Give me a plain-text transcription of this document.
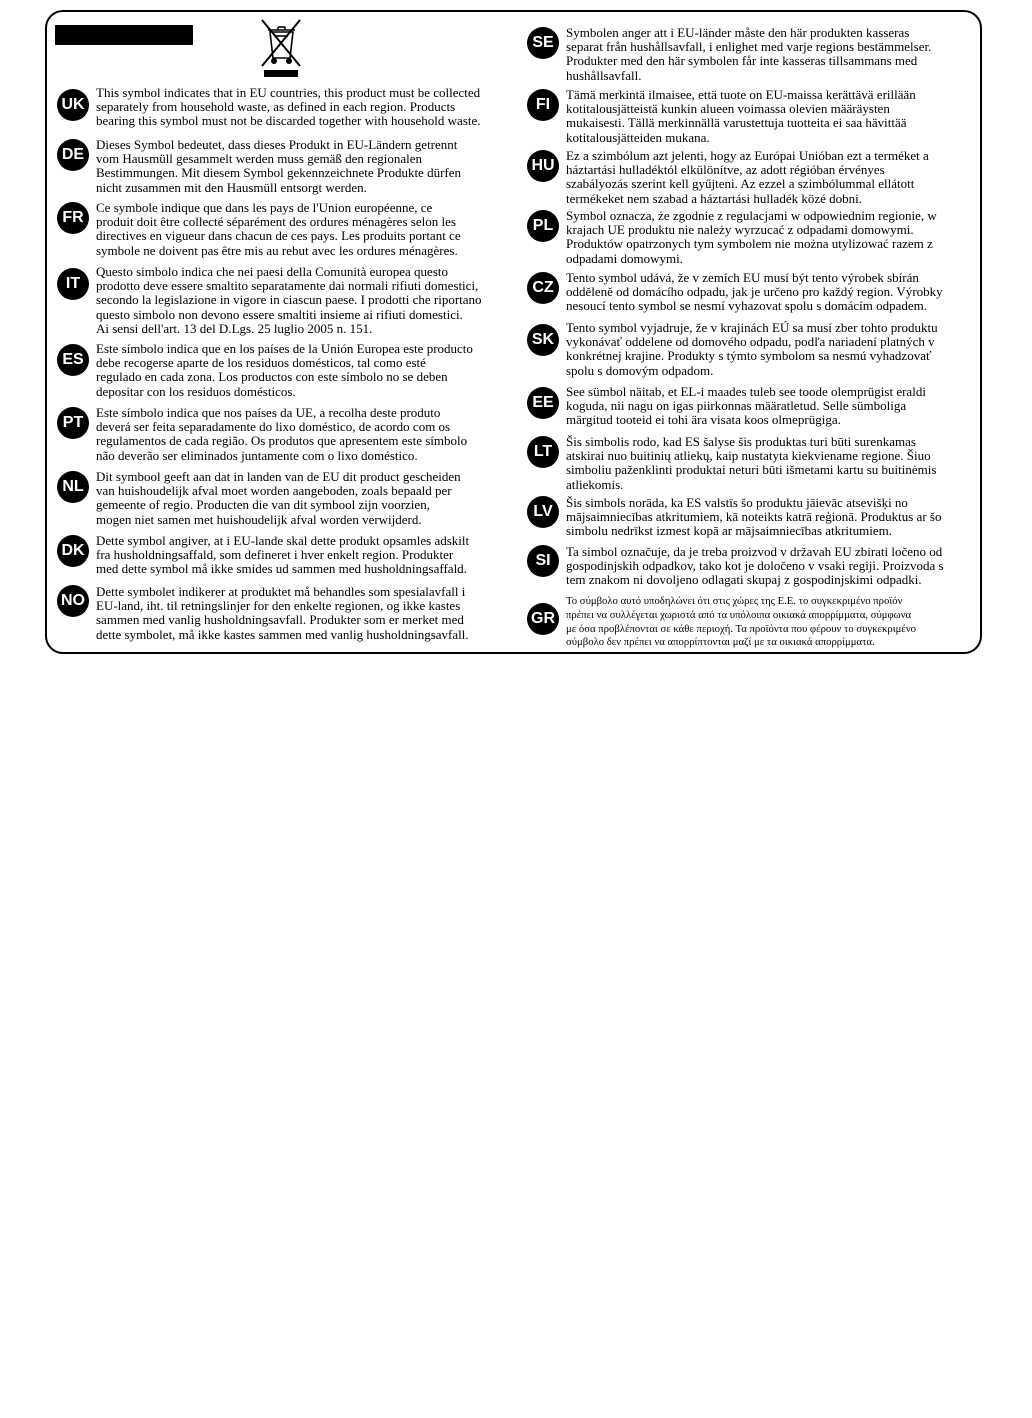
UK
This symbol indicates that in EU countries, this product must be collected
separately from household waste, as defined in each region. Products
bearing this symbol must not be discarded together with household waste.
DE
Dieses Symbol bedeutet, dass dieses Produkt in EU-Ländern getrennt
vom Hausmüll gesammelt werden muss gemäß den regionalen
Bestimmungen. Mit diesem Symbol gekennzeichnete Produkte dürfen
nicht zusammen mit den Hausmüll entsorgt werden.
FR
Ce symbole indique que dans les pays de l'Union européenne, ce
produit doit être collecté séparément des ordures ménagères selon les
directives en vigueur dans chacun de ces pays. Les produits portant ce
symbole ne doivent pas être mis au rebut avec les ordures ménagères.
IT
Questo simbolo indica che nei paesi della Comunità europea questo
prodotto deve essere smaltito separatamente dai normali rifiuti domestici,
secondo la legislazione in vigore in ciascun paese. I prodotti che riportano
questo simbolo non devono essere smaltiti insieme ai rifiuti domestici.
Ai sensi dell'art. 13 del D.Lgs. 25 luglio 2005 n. 151.
ES
Este símbolo indica que en los países de la Unión Europea este producto
debe recogerse aparte de los residuos domésticos, tal como esté
regulado en cada zona. Los productos con este símbolo no se deben
depositar con los residuos domésticos.
PT
Este símbolo indica que nos países da UE, a recolha deste produto
deverá ser feita separadamente do lixo doméstico, de acordo com os
regulamentos de cada região. Os produtos que apresentem este símbolo
não deverão ser eliminados juntamente com o lixo doméstico.
NL
Dit symbool geeft aan dat in landen van de EU dit product gescheiden
van huishoudelijk afval moet worden aangeboden, zoals bepaald per
gemeente of regio. Producten die van dit symbool zijn voorzien,
mogen niet samen met huishoudelijk afval worden verwijderd.
DK
Dette symbol angiver, at i EU-lande skal dette produkt opsamles adskilt
fra husholdningsaffald, som defineret i hver enkelt region. Produkter
med dette symbol må ikke smides ud sammen med husholdningsaffald.
NO
Dette symbolet indikerer at produktet må behandles som spesialavfall i
EU-land, iht. til retningslinjer for den enkelte regionen, og ikke kastes
sammen med vanlig husholdningsavfall. Produkter som er merket med
dette symbolet, må ikke kastes sammen med vanlig husholdningsavfall.
SE
Symbolen anger att i EU-länder måste den här produkten kasseras
separat från hushållsavfall, i enlighet med varje regions bestämmelser.
Produkter med den här symbolen får inte kasseras tillsammans med
hushållsavfall.
FI
Tämä merkintä ilmaisee, että tuote on EU-maissa kerättävä erillään
kotitalousjätteistä kunkin alueen voimassa olevien määräysten
mukaisesti. Tällä merkinnällä varustettuja tuotteita ei saa hävittää
kotitalousjätteiden mukana.
HU
Ez a szimbólum azt jelenti, hogy az Európai Unióban ezt a terméket a
háztartási hulladéktól elkülönítve, az adott régióban érvényes
szabályozás szerint kell gyűjteni. Az ezzel a szimbólummal ellátott
termékeket nem szabad a háztartási hulladék közé dobni.
PL
Symbol oznacza, że zgodnie z regulacjami w odpowiednim regionie, w
krajach UE produktu nie należy wyrzucać z odpadami domowymi.
Produktów opatrzonych tym symbolem nie można utylizować razem z
odpadami domowymi.
CZ
Tento symbol udává, že v zemích EU musí být tento výrobek sbírán
odděleně od domácího odpadu, jak je určeno pro každý region. Výrobky
nesoucí tento symbol se nesmí vyhazovat spolu s domácím odpadem.
SK
Tento symbol vyjadruje, že v krajinách EÚ sa musí zber tohto produktu
vykonávať oddelene od domového odpadu, podľa nariadení platných v
konkrétnej krajine. Produkty s týmto symbolom sa nesmú vyhadzovať
spolu s domovým odpadom.
EE
See sümbol näitab, et EL-i maades tuleb see toode olemprügist eraldi
koguda, nii nagu on igas piirkonnas määratletud. Selle sümboliga
märgitud tooteid ei tohi ära visata koos olmeprügiga.
LT
Šis simbolis rodo, kad ES šalyse šis produktas turi būti surenkamas
atskirai nuo buitinių atliekų, kaip nustatyta kiekviename regione. Šiuo
simboliu paženklinti produktai neturi būti išmetami kartu su buitinėmis
atliekomis.
LV
Šis simbols norāda, ka ES valstīs šo produktu jāievāc atsevišķi no
mājsaimniecības atkritumiem, kā noteikts katrā reģionā. Produktus ar šo
simbolu nedrīkst izmest kopā ar mājsaimniecības atkritumiem.
SI
Ta simbol označuje, da je treba proizvod v državah EU zbirati ločeno od
gospodinjskih odpadkov, tako kot je določeno v vsaki regiji. Proizvoda s
tem znakom ni dovoljeno odlagati skupaj z gospodinjskimi odpadki.
GR
Το σύμβολο αυτό υποδηλώνει ότι στις χώρες της Ε.Ε. το συγκεκριμένο προϊόν
πρέπει να συλλέγεται χωριστά από τα υπόλοιπα οικιακά απορρίμματα, σύμφωνα
με όσα προβλέπονται σε κάθε περιοχή. Τα προϊόντα που φέρουν το συγκεκριμένο
σύμβολο δεν πρέπει να απορρίπτονται μαζί με τα οικιακά απορρίμματα.
